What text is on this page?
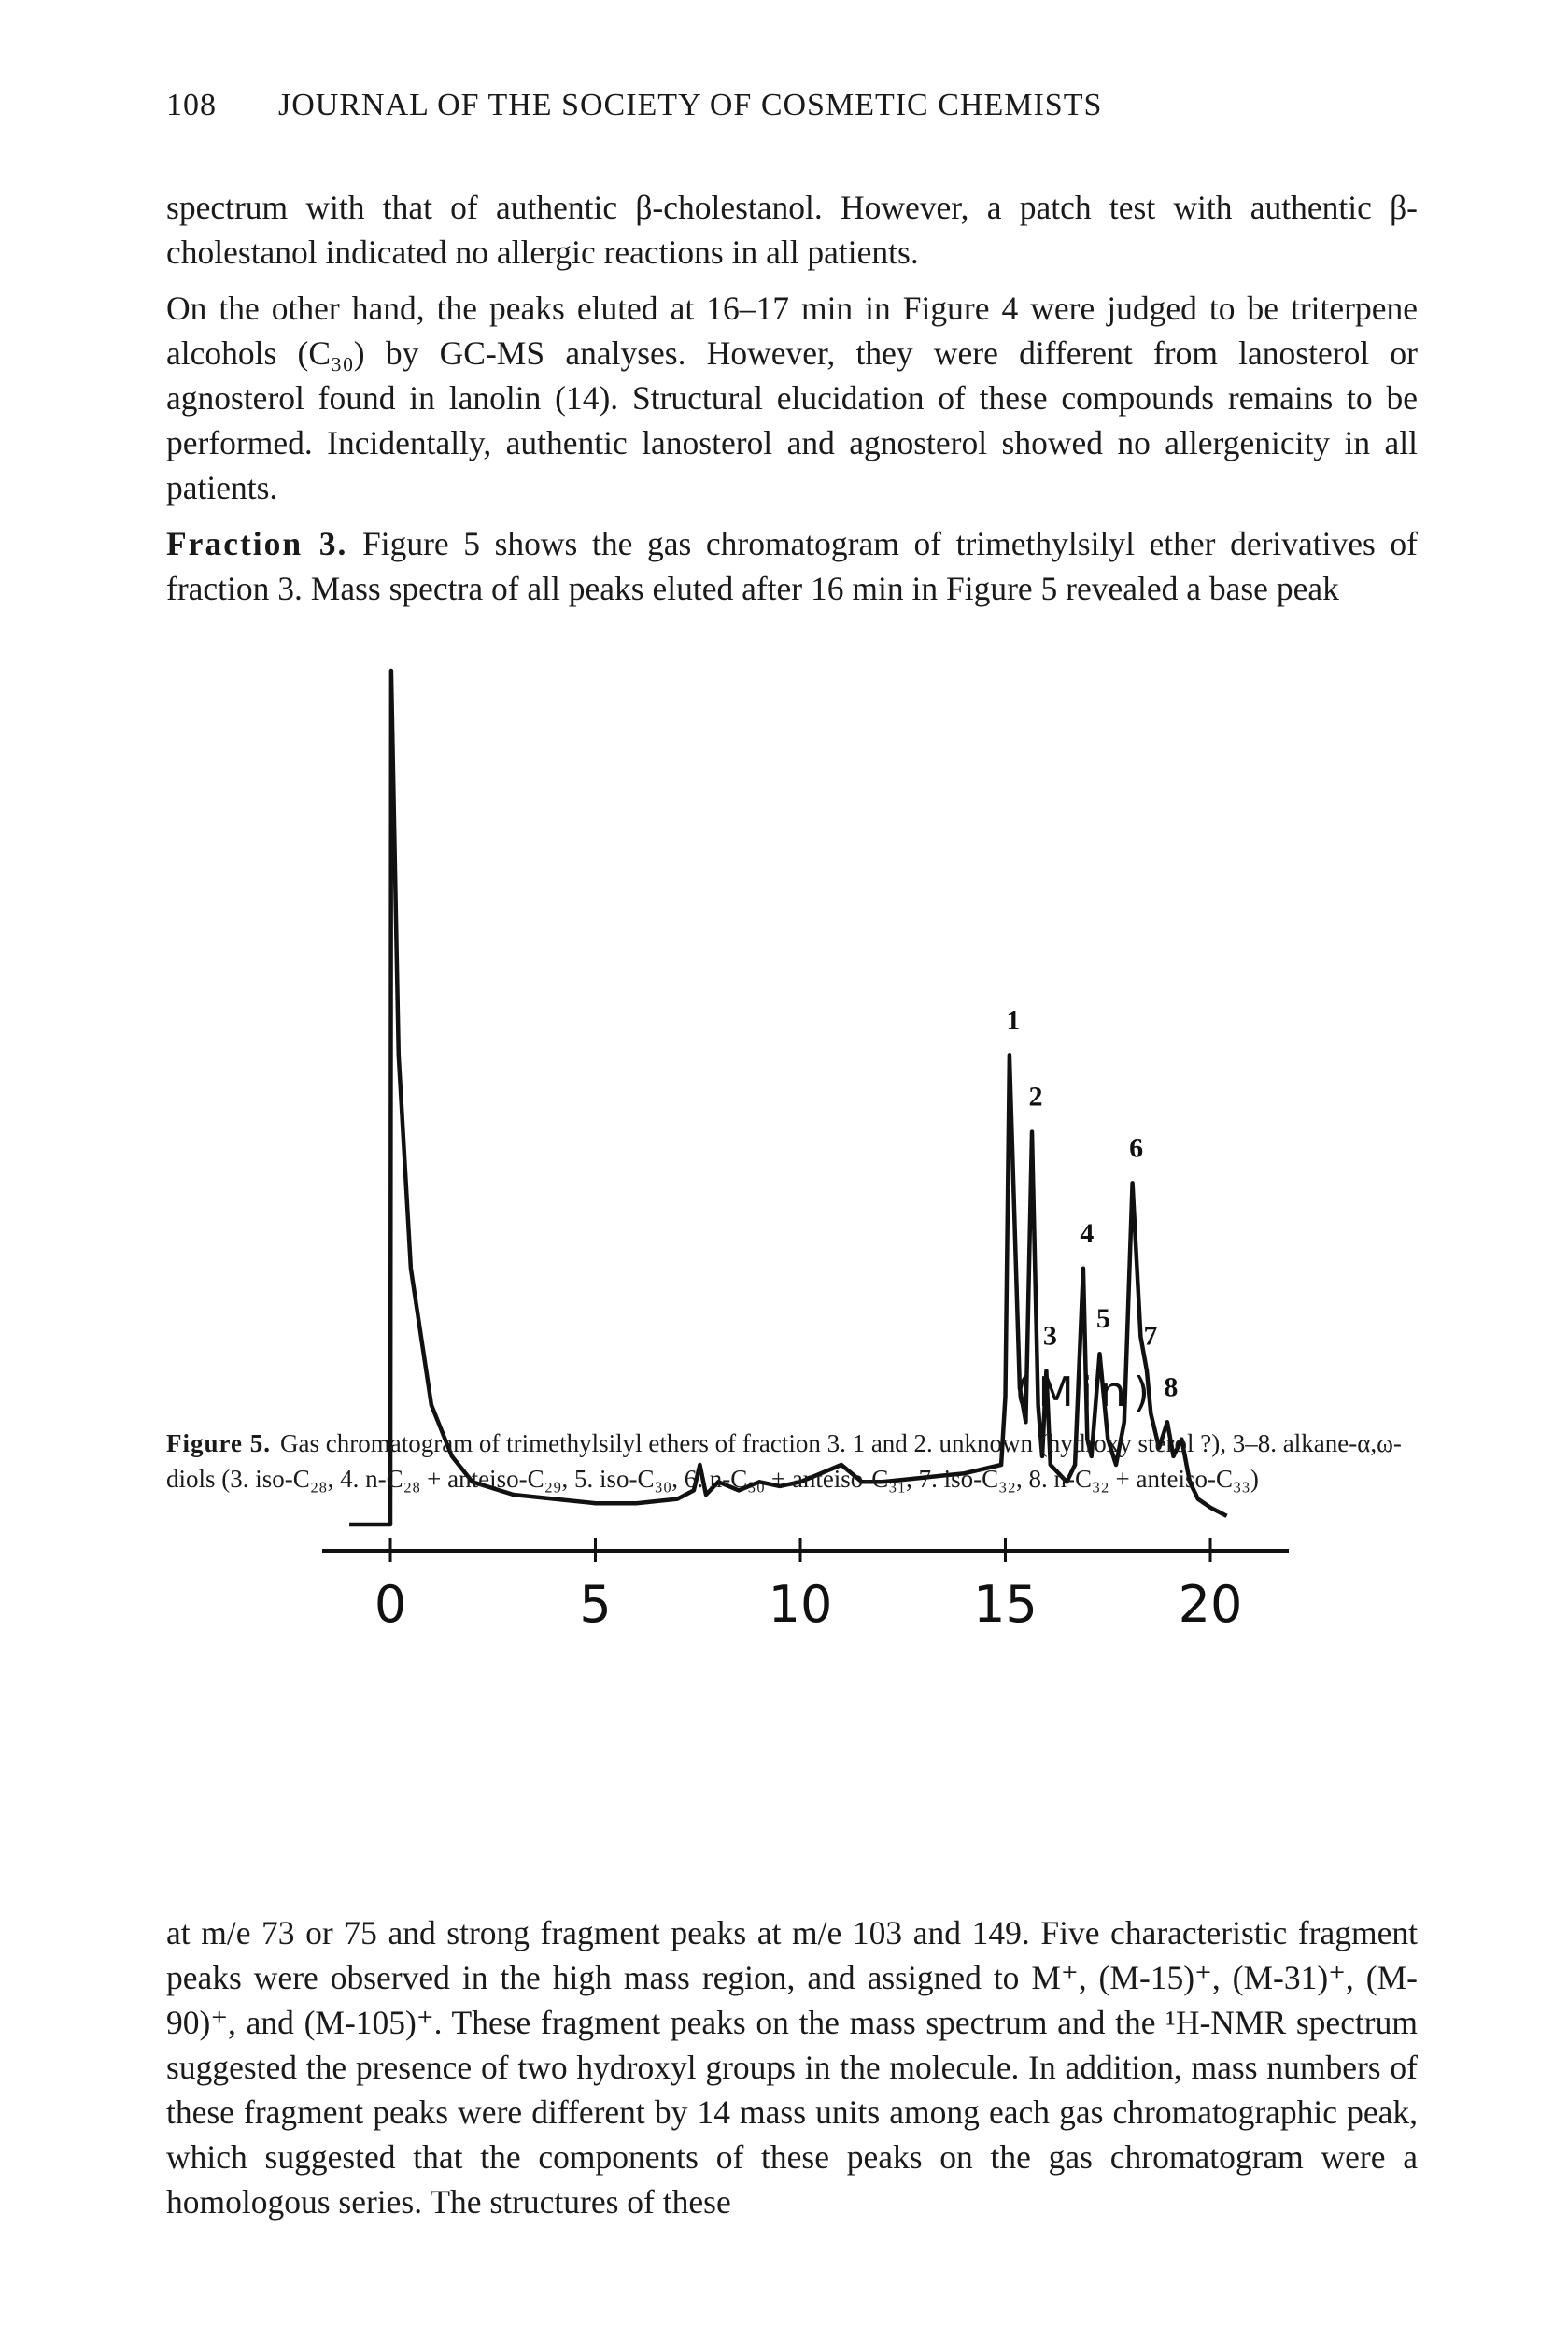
108 JOURNAL OF THE SOCIETY OF COSMETIC CHEMISTS

spectrum with that of authentic β-cholestanol. However, a patch test with authentic β-cholestanol indicated no allergic reactions in all patients.

On the other hand, the peaks eluted at 16–17 min in Figure 4 were judged to be triterpene alcohols (C₃₀) by GC-MS analyses. However, they were different from lanosterol or agnosterol found in lanolin (14). Structural elucidation of these compounds remains to be performed. Incidentally, authentic lanosterol and agnosterol showed no allergenicity in all patients.

Fraction 3. Figure 5 shows the gas chromatogram of trimethylsilyl ether derivatives of fraction 3. Mass spectra of all peaks eluted after 16 min in Figure 5 revealed a base peak

0	5	10	15	20
1
2
3
4
5
6
7
8
(Min)
Figure 5. Gas chromatogram of trimethylsilyl ethers of fraction 3. 1 and 2. unknown (hydroxy sterol ?), 3–8. alkane-α,ω-diols (3. iso-C₂₈, 4. n-C₂₈ + anteiso-C₂₉, 5. iso-C₃₀, 6. n-C₃₀ + anteiso-C₃₁, 7. iso-C₃₂, 8. n-C₃₂ + anteiso-C₃₃)

at m/e 73 or 75 and strong fragment peaks at m/e 103 and 149. Five characteristic fragment peaks were observed in the high mass region, and assigned to M⁺, (M-15)⁺, (M-31)⁺, (M-90)⁺, and (M-105)⁺. These fragment peaks on the mass spectrum and the ¹H-NMR spectrum suggested the presence of two hydroxyl groups in the molecule. In addition, mass numbers of these fragment peaks were different by 14 mass units among each gas chromatographic peak, which suggested that the components of these peaks on the gas chromatogram were a homologous series. The structures of these
